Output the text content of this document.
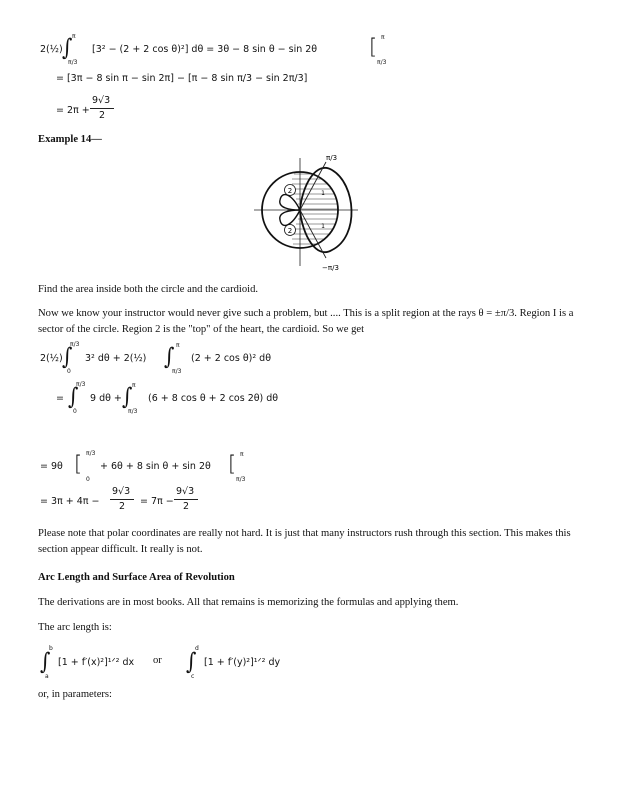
2(½) ∫ π
π/3
[3² − (2 + 2 cos θ)²] dθ = 3θ − 8 sin θ − sin 2θ [ π
π/3
= [3π − 8 sin π − sin 2π] − [π − 8 sin π/3 − sin 2π/3]
= 2π +
9√3
2
Example 14—
2
2
1
1
π/3
−π/3
Find the area inside both the circle and the cardioid.
Now we know your instructor would never give such a problem, but .... This is a split region at the rays θ = ±π/3. Region I is a sector of the circle. Region 2 is the "top" of the heart, the cardioid. So we get
2(½) ∫
π/3
0
3² dθ + 2(½) ∫ π
π/3
(2 + 2 cos θ)² dθ
= ∫
π/3
0
9 dθ + ∫ π
π/3
(6 + 8 cos θ + 2 cos 2θ) dθ
= 9θ [ π/3
0
+ 6θ + 8 sin θ + sin 2θ [ π
π/3
= 3π + 4π −
9√3
2 = 7π −
9√3
2
Please note that polar coordinates are really not hard. It is just that many instructors rush through this section. This makes this section appear difficult. It really is not.
Arc Length and Surface Area of Revolution
The derivations are in most books. All that remains is memorizing the formulas and applying them.
The arc length is:
∫
b
a
[1 + f′(x)²]¹ᐟ² dx or ∫
d
c
[1 + f′(y)²]¹ᐟ² dy
or, in parameters:
